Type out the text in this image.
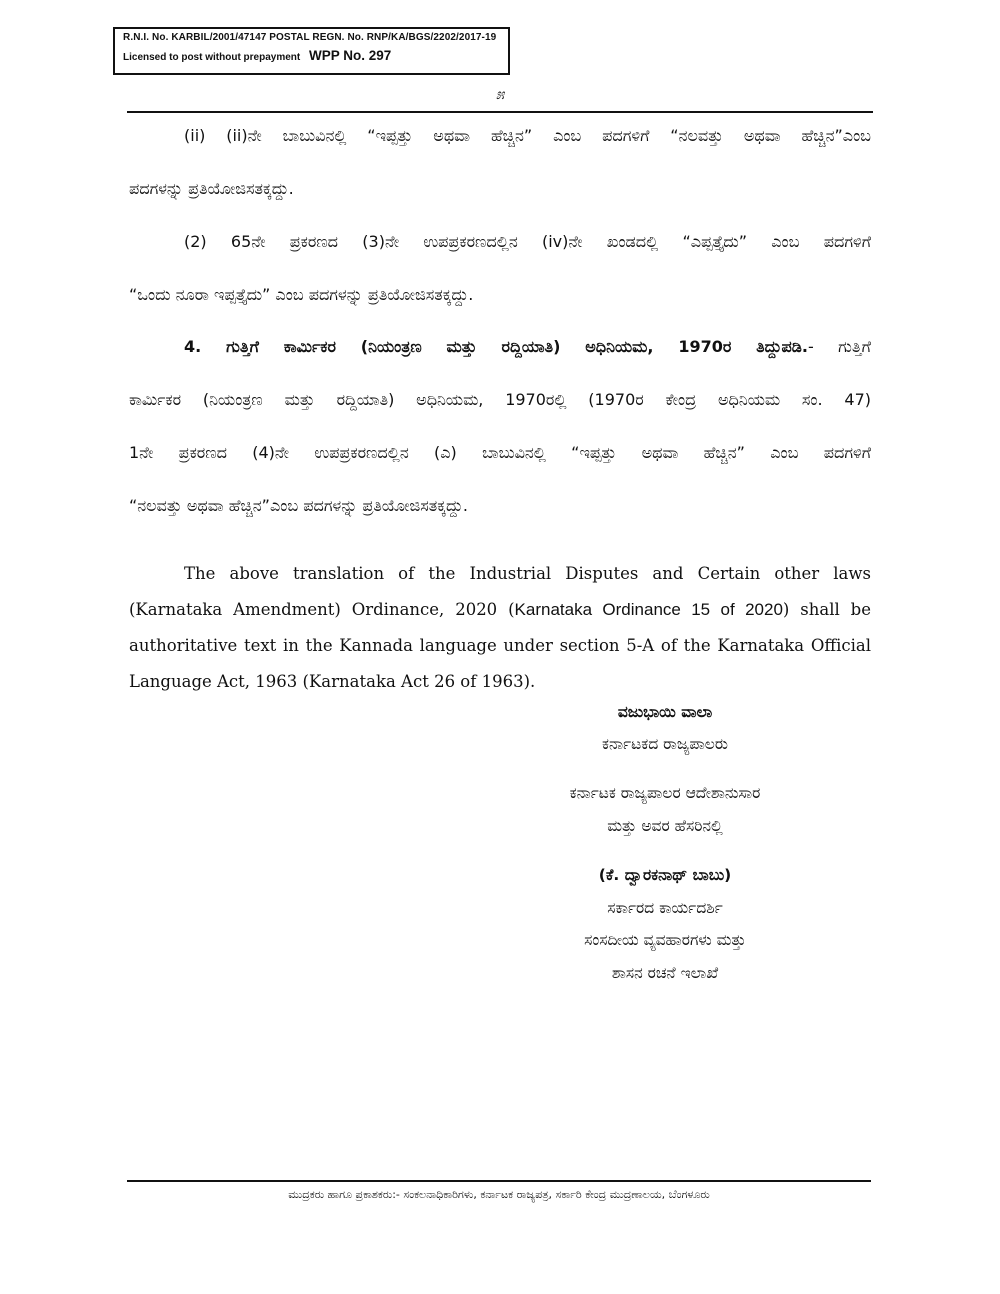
R.N.I. No. KARBIL/2001/47147 POSTAL REGN. No. RNP/KA/BGS/2202/2017-19
Licensed to post without prepayment WPP No. 297
೫
(ii) (ii)ನೇ ಬಾಬುವಿನಲ್ಲಿ “ಇಪ್ಪತ್ತು ಅಥವಾ ಹೆಚ್ಚಿನ” ಎಂಬ ಪದಗಳಿಗೆ “ನಲವತ್ತು ಅಥವಾ ಹೆಚ್ಚಿನ”ಎಂಬ
ಪದಗಳನ್ನು ಪ್ರತಿಯೋಜಿಸತಕ್ಕದ್ದು.
(2) 65ನೇ ಪ್ರಕರಣದ (3)ನೇ ಉಪಪ್ರಕರಣದಲ್ಲಿನ (iv)ನೇ ಖಂಡದಲ್ಲಿ “ಎಪ್ಪತ್ತೈದು” ಎಂಬ ಪದಗಳಿಗೆ
“ಒಂದು ನೂರಾ ಇಪ್ಪತ್ತೈದು” ಎಂಬ ಪದಗಳನ್ನು ಪ್ರತಿಯೋಜಿಸತಕ್ಕದ್ದು.
4. ಗುತ್ತಿಗೆ ಕಾರ್ಮಿಕರ (ನಿಯಂತ್ರಣ ಮತ್ತು ರದ್ದಿಯಾತಿ) ಅಧಿನಿಯಮ, 1970ರ ತಿದ್ದುಪಡಿ.- ಗುತ್ತಿಗೆ
ಕಾರ್ಮಿಕರ (ನಿಯಂತ್ರಣ ಮತ್ತು ರದ್ದಿಯಾತಿ) ಅಧಿನಿಯಮ, 1970ರಲ್ಲಿ (1970ರ ಕೇಂದ್ರ ಅಧಿನಿಯಮ ಸಂ. 47)
1ನೇ ಪ್ರಕರಣದ (4)ನೇ ಉಪಪ್ರಕರಣದಲ್ಲಿನ (ಎ) ಬಾಬುವಿನಲ್ಲಿ “ಇಪ್ಪತ್ತು ಅಥವಾ ಹೆಚ್ಚಿನ” ಎಂಬ ಪದಗಳಿಗೆ
“ನಲವತ್ತು ಅಥವಾ ಹೆಚ್ಚಿನ”ಎಂಬ ಪದಗಳನ್ನು ಪ್ರತಿಯೋಜಿಸತಕ್ಕದ್ದು.

The above translation of the Industrial Disputes and Certain other laws (Karnataka Amendment) Ordinance, 2020 (Karnataka Ordinance 15 of 2020) shall be authoritative text in the Kannada language under section 5-A of the Karnataka Official Language Act, 1963 (Karnataka Act 26 of 1963).

ವಜುಭಾಯಿ ವಾಲಾ

ಕರ್ನಾಟಕದ ರಾಜ್ಯಪಾಲರು

ಕರ್ನಾಟಕ ರಾಜ್ಯಪಾಲರ ಆದೇಶಾನುಸಾರ

ಮತ್ತು ಅವರ ಹೆಸರಿನಲ್ಲಿ

(ಕೆ. ದ್ವಾರಕನಾಥ್ ಬಾಬು)

ಸರ್ಕಾರದ ಕಾರ್ಯದರ್ಶಿ

ಸಂಸದೀಯ ವ್ಯವಹಾರಗಳು ಮತ್ತು

ಶಾಸನ ರಚನೆ ಇಲಾಖೆ

ಮುದ್ರಕರು ಹಾಗೂ ಪ್ರಕಾಶಕರು:- ಸಂಕಲನಾಧಿಕಾರಿಗಳು, ಕರ್ನಾಟಕ ರಾಜ್ಯಪತ್ರ, ಸರ್ಕಾರಿ ಕೇಂದ್ರ ಮುದ್ರಣಾಲಯ, ಬೆಂಗಳೂರು
